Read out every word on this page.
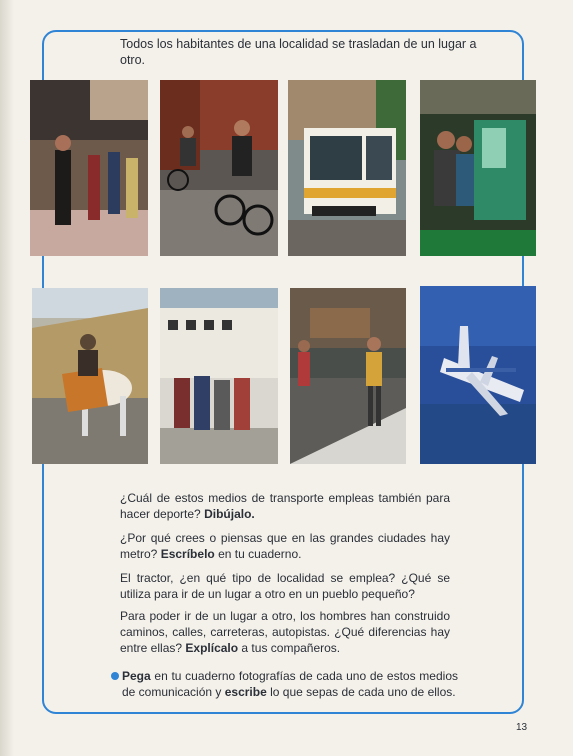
Todos los habitantes de una localidad se trasladan de un lugar a otro.
¿Cuál de estos medios de transporte empleas también para hacer deporte? Dibújalo.
¿Por qué crees o piensas que en las grandes ciudades hay metro? Escríbelo en tu cuaderno.
El tractor, ¿en qué tipo de localidad se emplea? ¿Qué se utiliza para ir de un lugar a otro en un pueblo pequeño?
Para poder ir de un lugar a otro, los hombres han construido caminos, calles, carreteras, autopistas. ¿Qué diferencias hay entre ellas? Explícalo a tus compañeros.
Pega en tu cuaderno fotografías de cada uno de estos medios de comunicación y escribe lo que sepas de cada uno de ellos.
13
